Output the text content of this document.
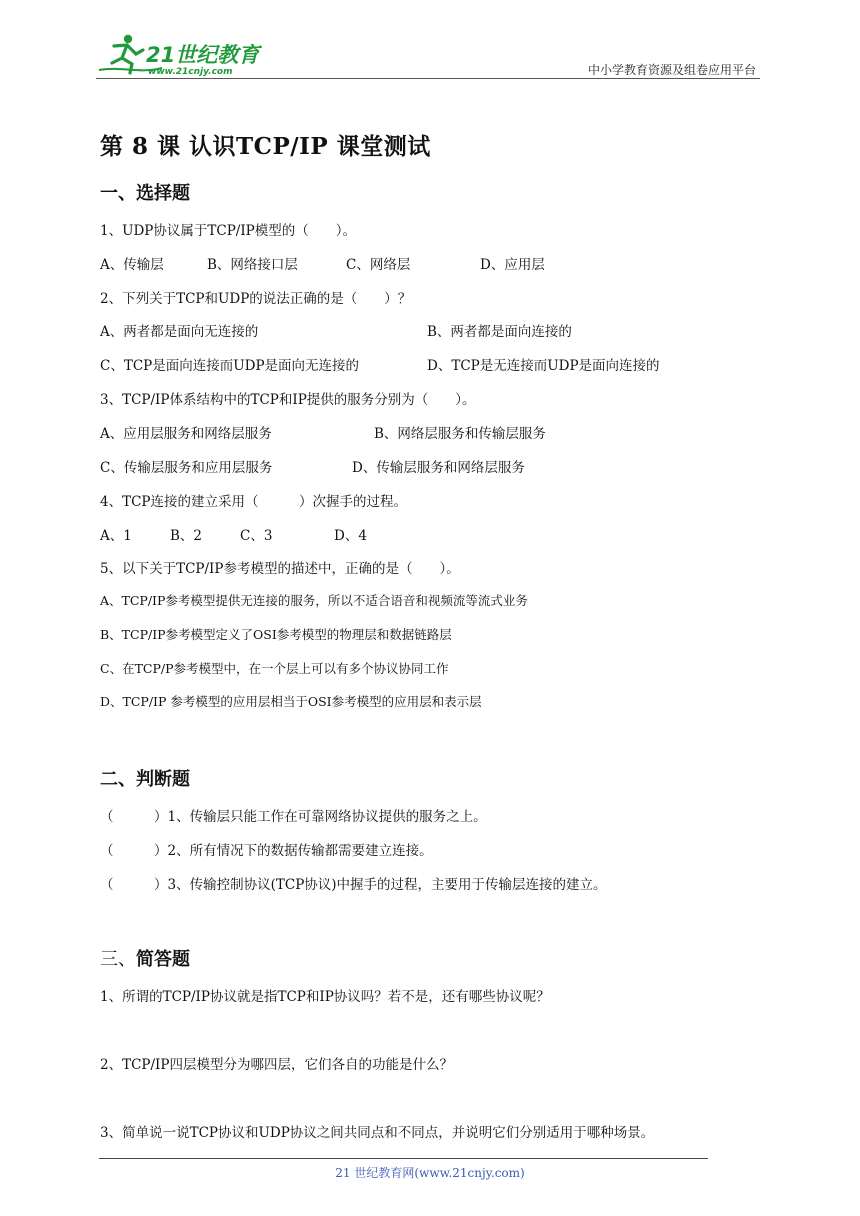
21世纪教育
www.21cnjy.com	中小学教育资源及组卷应用平台
第 8 课 认识TCP/IP 课堂测试
一、选择题
1、UDP协议属于TCP/IP模型的（　　）。
A、传输层	B、网络接口层	C、网络层	D、应用层
2、下列关于TCP和UDP的说法正确的是（　　）？
A、两者都是面向无连接的	B、两者都是面向连接的
C、TCP是面向连接而UDP是面向无连接的	D、TCP是无连接而UDP是面向连接的
3、TCP/IP体系结构中的TCP和IP提供的服务分别为（　　）。
A、应用层服务和网络层服务	B、网络层服务和传输层服务
C、传输层服务和应用层服务	D、传输层服务和网络层服务
4、TCP连接的建立采用（　　　）次握手的过程。
A、1	B、2	C、3	D、4
5、以下关于TCP/IP参考模型的描述中，正确的是（　　）。
A、TCP/IP参考模型提供无连接的服务，所以不适合语音和视频流等流式业务
B、TCP/IP参考模型定义了OSI参考模型的物理层和数据链路层
C、在TCP/P参考模型中，在一个层上可以有多个协议协同工作
D、TCP/IP 参考模型的应用层相当于OSI参考模型的应用层和表示层
二、判断题
（　　　）1、传输层只能工作在可靠网络协议提供的服务之上。
（　　　）2、所有情况下的数据传输都需要建立连接。
（　　　）3、传输控制协议(TCP协议)中握手的过程，主要用于传输层连接的建立。
三、简答题
1、所谓的TCP/IP协议就是指TCP和IP协议吗？若不是，还有哪些协议呢？
2、TCP/IP四层模型分为哪四层，它们各自的功能是什么？
3、简单说一说TCP协议和UDP协议之间共同点和不同点，并说明它们分别适用于哪种场景。
21 世纪教育网(www.21cnjy.com)
